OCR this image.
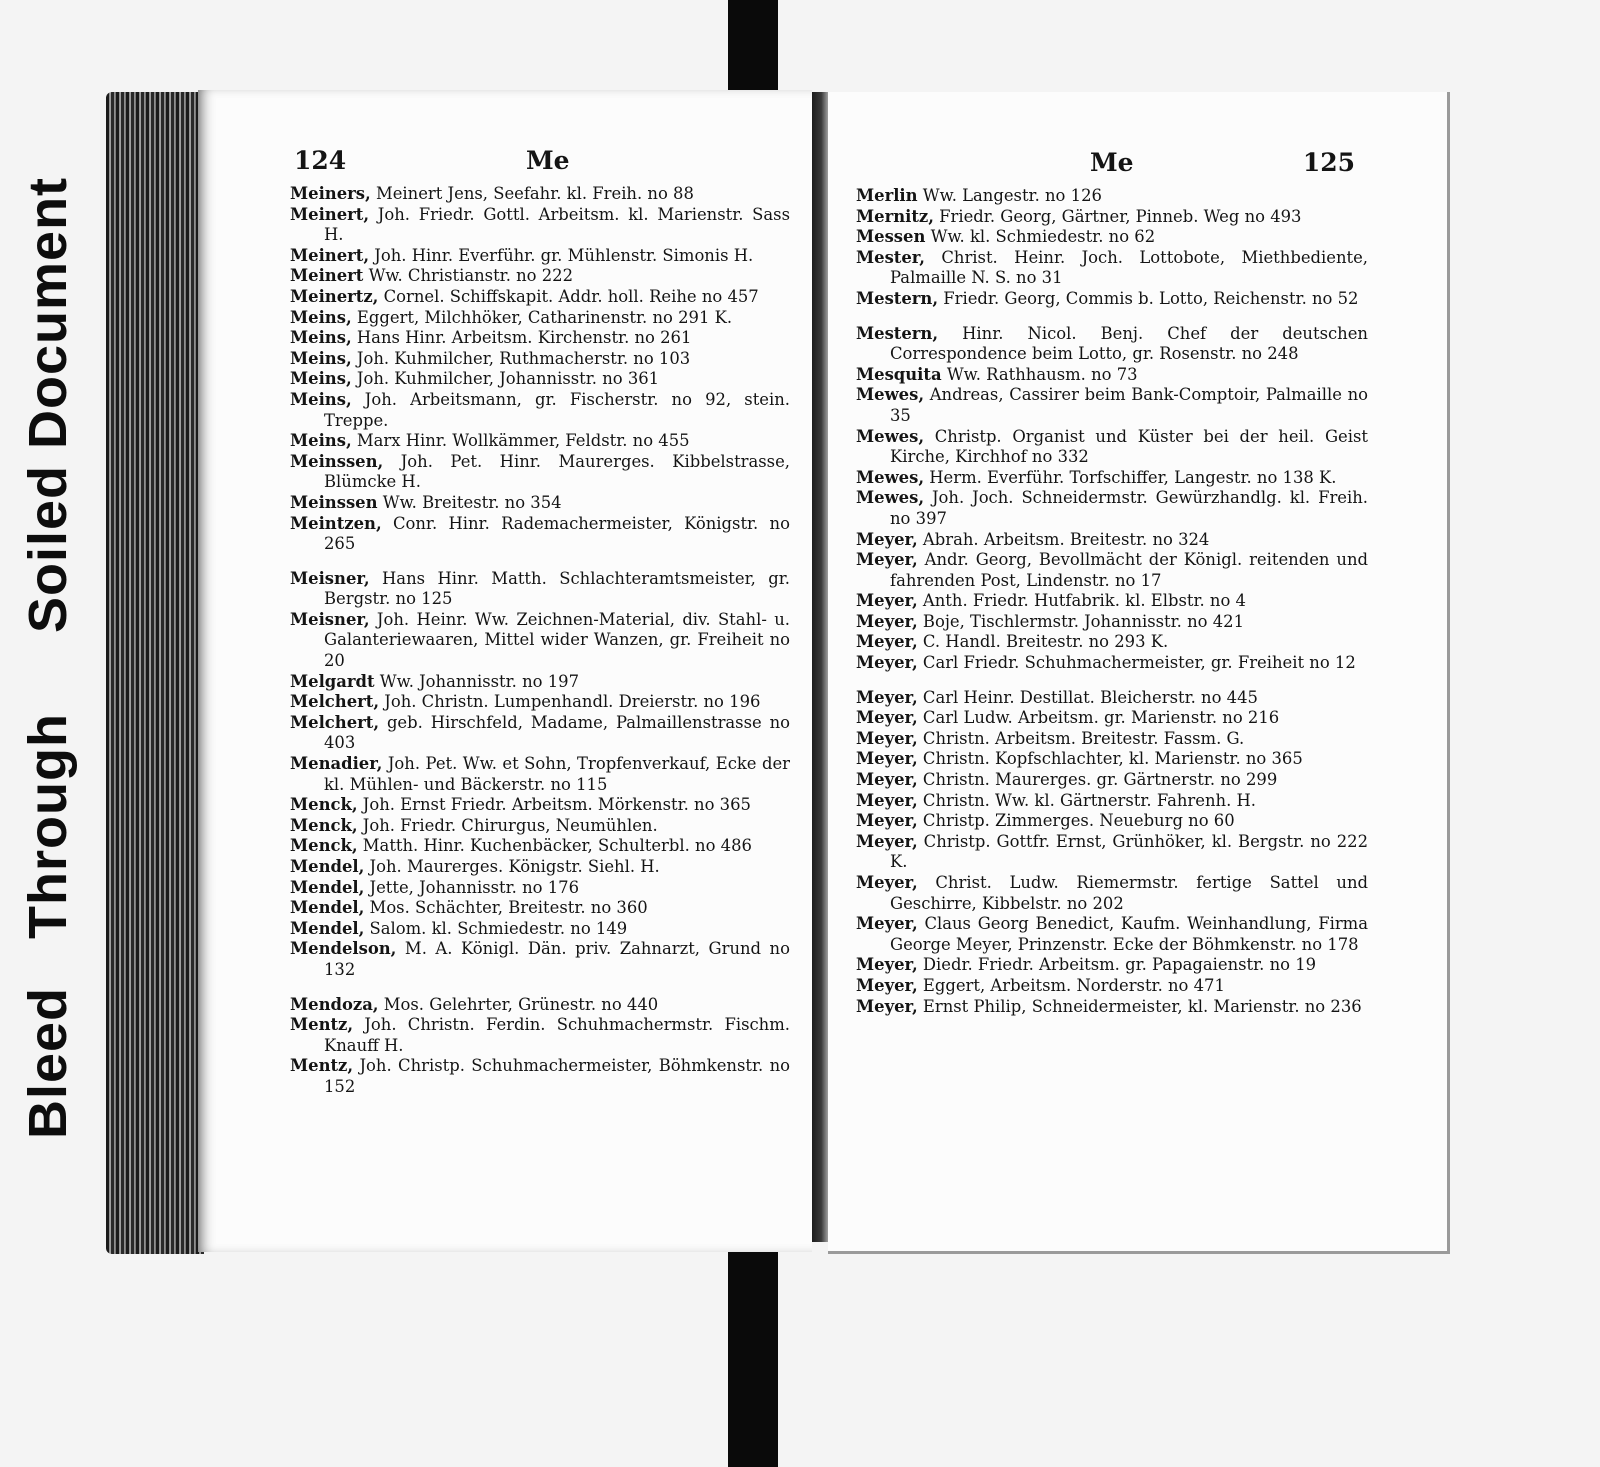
Bleed   Through     Soiled Document
124	Me
Meiners, Meinert Jens, Seefahr. kl. Freih. no 88
Meinert, Joh. Friedr. Gottl. Arbeitsm. kl. Marienstr. Sass H.
Meinert, Joh. Hinr. Everführ. gr. Mühlenstr. Simonis H.
Meinert Ww. Christianstr. no 222
Meinertz, Cornel. Schiffskapit. Addr. holl. Reihe no 457
Meins, Eggert, Milchhöker, Catharinenstr. no 291 K.
Meins, Hans Hinr. Arbeitsm. Kirchenstr. no 261
Meins, Joh. Kuhmilcher, Ruthmacherstr. no 103
Meins, Joh. Kuhmilcher, Johannisstr. no 361
Meins, Joh. Arbeitsmann, gr. Fischerstr. no 92, stein. Treppe.
Meins, Marx Hinr. Wollkämmer, Feldstr. no 455
Meinssen, Joh. Pet. Hinr. Maurerges. Kibbelstrasse, Blümcke H.
Meinssen Ww. Breitestr. no 354
Meintzen, Conr. Hinr. Rademachermeister, Königstr. no 265
Meisner, Hans Hinr. Matth. Schlachteramtsmeister, gr. Bergstr. no 125
Meisner, Joh. Heinr. Ww. Zeichnen-Material, div. Stahl- u. Galanteriewaaren, Mittel wider Wanzen, gr. Freiheit no 20
Melgardt Ww. Johannisstr. no 197
Melchert, Joh. Christn. Lumpenhandl. Dreierstr. no 196
Melchert, geb. Hirschfeld, Madame, Palmaillenstrasse no 403
Menadier, Joh. Pet. Ww. et Sohn, Tropfenverkauf, Ecke der kl. Mühlen- und Bäckerstr. no 115
Menck, Joh. Ernst Friedr. Arbeitsm. Mörkenstr. no 365
Menck, Joh. Friedr. Chirurgus, Neumühlen.
Menck, Matth. Hinr. Kuchenbäcker, Schulterbl. no 486
Mendel, Joh. Maurerges. Königstr. Siehl. H.
Mendel, Jette, Johannisstr. no 176
Mendel, Mos. Schächter, Breitestr. no 360
Mendel, Salom. kl. Schmiedestr. no 149
Mendelson, M. A. Königl. Dän. priv. Zahnarzt, Grund no 132
Mendoza, Mos. Gelehrter, Grünestr. no 440
Mentz, Joh. Christn. Ferdin. Schuhmachermstr. Fischm. Knauff H.
Mentz, Joh. Christp. Schuhmachermeister, Böhmkenstr. no 152
Me	125
Merlin Ww. Langestr. no 126
Mernitz, Friedr. Georg, Gärtner, Pinneb. Weg no 493
Messen Ww. kl. Schmiedestr. no 62
Mester, Christ. Heinr. Joch. Lottobote, Miethbediente, Palmaille N. S. no 31
Mestern, Friedr. Georg, Commis b. Lotto, Reichenstr. no 52
Mestern, Hinr. Nicol. Benj. Chef der deutschen Correspondence beim Lotto, gr. Rosenstr. no 248
Mesquita Ww. Rathhausm. no 73
Mewes, Andreas, Cassirer beim Bank-Comptoir, Palmaille no 35
Mewes, Christp. Organist und Küster bei der heil. Geist Kirche, Kirchhof no 332
Mewes, Herm. Everführ. Torfschiffer, Langestr. no 138 K.
Mewes, Joh. Joch. Schneidermstr. Gewürzhandlg. kl. Freih. no 397
Meyer, Abrah. Arbeitsm. Breitestr. no 324
Meyer, Andr. Georg, Bevollmächt der Königl. reitenden und fahrenden Post, Lindenstr. no 17
Meyer, Anth. Friedr. Hutfabrik. kl. Elbstr. no 4
Meyer, Boje, Tischlermstr. Johannisstr. no 421
Meyer, C. Handl. Breitestr. no 293 K.
Meyer, Carl Friedr. Schuhmachermeister, gr. Freiheit no 12
Meyer, Carl Heinr. Destillat. Bleicherstr. no 445
Meyer, Carl Ludw. Arbeitsm. gr. Marienstr. no 216
Meyer, Christn. Arbeitsm. Breitestr. Fassm. G.
Meyer, Christn. Kopfschlachter, kl. Marienstr. no 365
Meyer, Christn. Maurerges. gr. Gärtnerstr. no 299
Meyer, Christn. Ww. kl. Gärtnerstr. Fahrenh. H.
Meyer, Christp. Zimmerges. Neueburg no 60
Meyer, Christp. Gottfr. Ernst, Grünhöker, kl. Bergstr. no 222 K.
Meyer, Christ. Ludw. Riemermstr. fertige Sattel und Geschirre, Kibbelstr. no 202
Meyer, Claus Georg Benedict, Kaufm. Weinhandlung, Firma George Meyer, Prinzenstr. Ecke der Böhmkenstr. no 178
Meyer, Diedr. Friedr. Arbeitsm. gr. Papagaienstr. no 19
Meyer, Eggert, Arbeitsm. Norderstr. no 471
Meyer, Ernst Philip, Schneidermeister, kl. Marienstr. no 236
